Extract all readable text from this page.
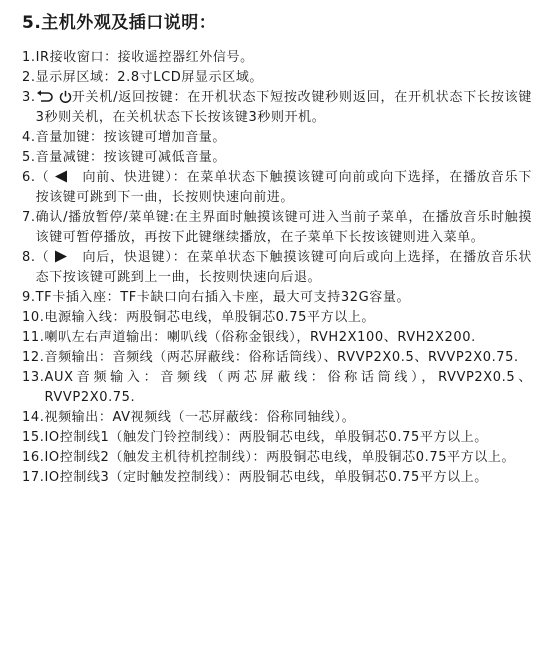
5.主机外观及插口说明：
1. IR接收窗口：接收遥控器红外信号。
2. 显示屏区域：2.8寸LCD屏显示区域。
3.
	开关机/返回按键：在开机状态下短按改键秒则返回，在开机状态下长按该键3秒则关机，在关机状态下长按该键3秒则开机。
4. 音量加键：按该键可增加音量。
5. 音量减键：按该键可减低音量。
6. （
　向前、快进键）：在菜单状态下触摸该键可向前或向下选择，在播放音乐下按该键可跳到下一曲，长按则快速向前进。
7. 确认/播放暂停/菜单键:在主界面时触摸该键可进入当前子菜单，在播放音乐时触摸该键可暂停播放，再按下此键继续播放，在子菜单下长按该键则进入菜单。
8. （
　向后，快退键）：在菜单状态下触摸该键可向后或向上选择，在播放音乐状态下按该键可跳到上一曲，长按则快速向后退。
9. TF卡插入座：TF卡缺口向右插入卡座，最大可支持32G容量。
10. 电源输入线：两股铜芯电线，单股铜芯0.75平方以上。
11. 喇叭左右声道输出：喇叭线（俗称金银线），RVH2X100、RVH2X200.
12. 音频输出：音频线（两芯屏蔽线：俗称话筒线）、RVVP2X0.5、RVVP2X0.75.
13. AUX音频输入：音频线（两芯屏蔽线：俗称话筒线），RVVP2X0.5、RVVP2X0.75.
14. 视频输出：AV视频线（一芯屏蔽线：俗称同轴线）。
15. IO控制线1（触发门铃控制线）：两股铜芯电线，单股铜芯0.75平方以上。
16. IO控制线2（触发主机待机控制线）：两股铜芯电线，单股铜芯0.75平方以上。
17. IO控制线3（定时触发控制线）：两股铜芯电线，单股铜芯0.75平方以上。
